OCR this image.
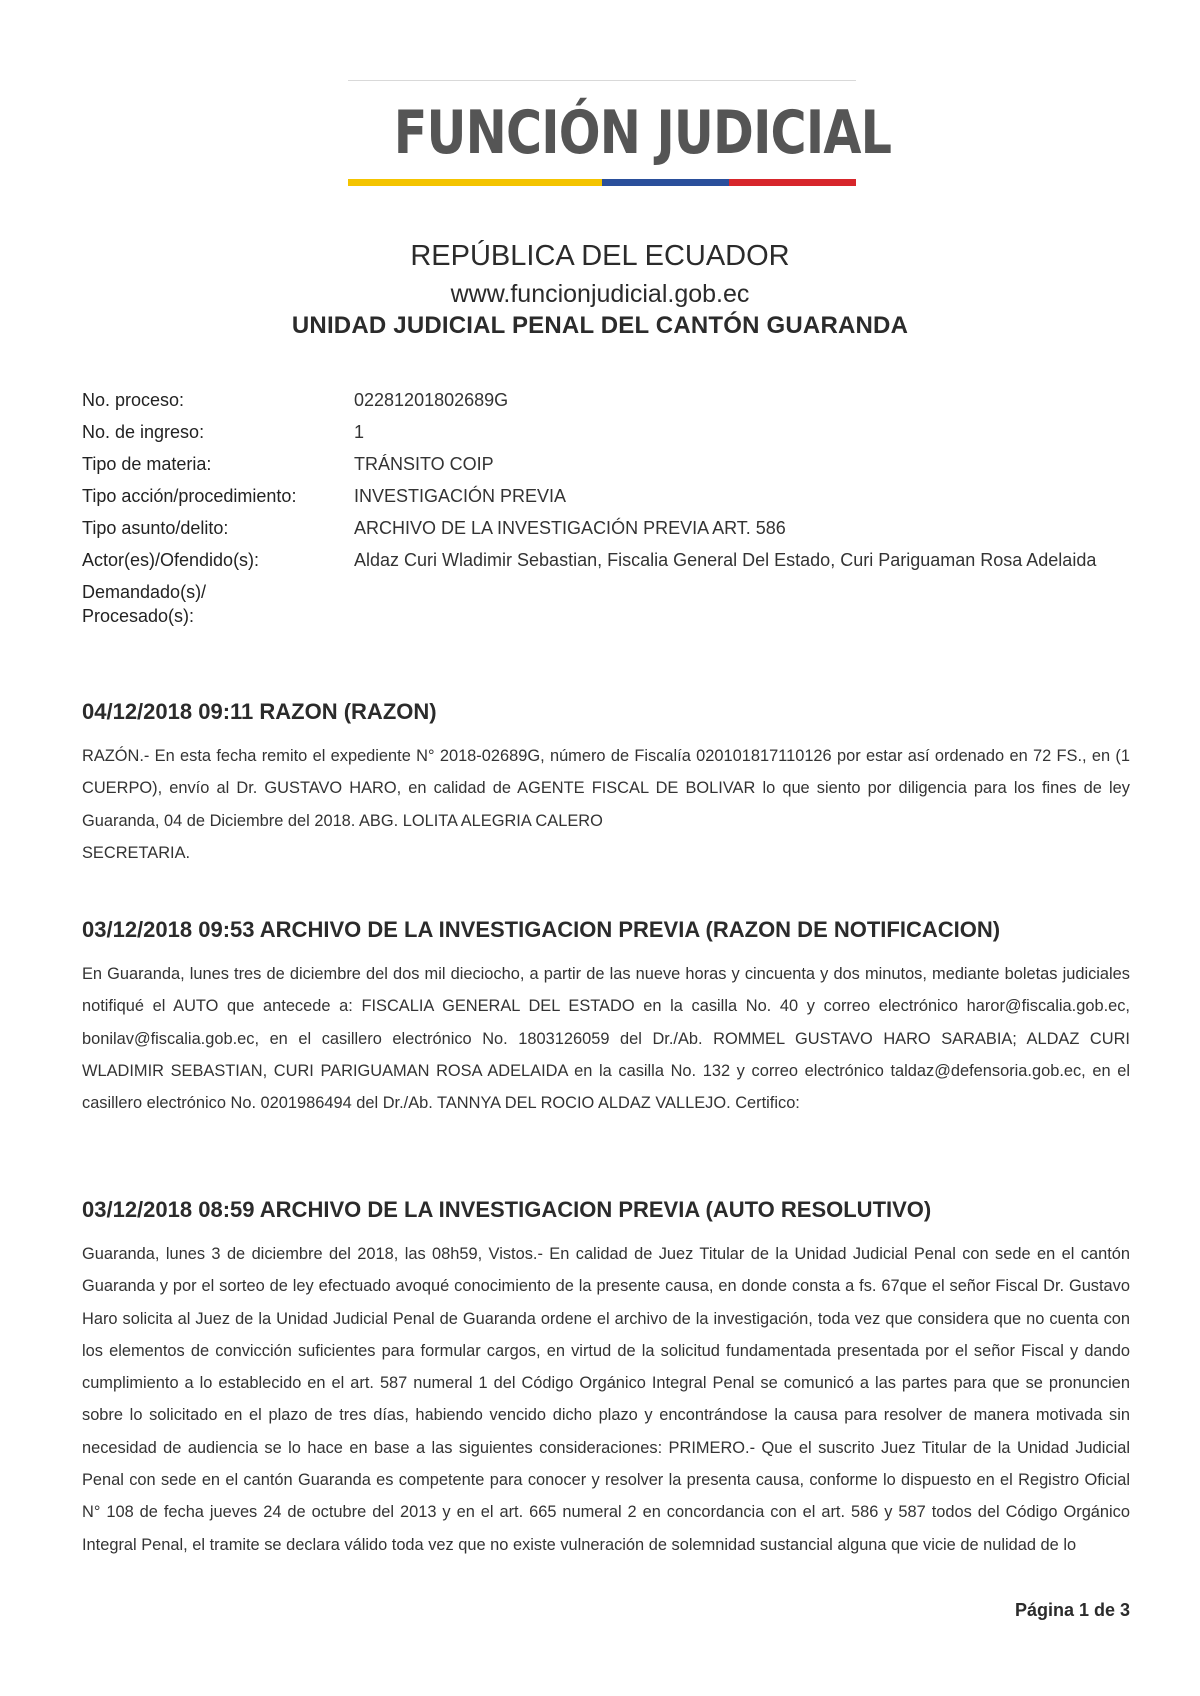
FUNCIÓN JUDICIAL
REPÚBLICA DEL ECUADOR
www.funcionjudicial.gob.ec
UNIDAD JUDICIAL PENAL DEL CANTÓN GUARANDA
No. proceso:	02281201802689G
No. de ingreso:	1
Tipo de materia:	TRÁNSITO COIP
Tipo acción/procedimiento:	INVESTIGACIÓN PREVIA
Tipo asunto/delito:	ARCHIVO DE LA INVESTIGACIÓN PREVIA ART. 586
Actor(es)/Ofendido(s):	Aldaz Curi Wladimir Sebastian, Fiscalia General Del Estado, Curi Pariguaman Rosa Adelaida
Demandado(s)/
Procesado(s):
04/12/2018 09:11 RAZON (RAZON)

RAZÓN.- En esta fecha remito el expediente N° 2018-02689G, número de Fiscalía 020101817110126 por estar así ordenado en 72 FS., en (1 CUERPO), envío al Dr. GUSTAVO HARO, en calidad de AGENTE FISCAL DE BOLIVAR lo que siento por diligencia para los fines de ley Guaranda, 04 de Diciembre del 2018. ABG. LOLITA ALEGRIA CALERO
SECRETARIA.

03/12/2018 09:53 ARCHIVO DE LA INVESTIGACION PREVIA (RAZON DE NOTIFICACION)

En Guaranda, lunes tres de diciembre del dos mil dieciocho, a partir de las nueve horas y cincuenta y dos minutos, mediante boletas judiciales notifiqué el AUTO que antecede a: FISCALIA GENERAL DEL ESTADO en la casilla No. 40 y correo electrónico haror@fiscalia.gob.ec, bonilav@fiscalia.gob.ec, en el casillero electrónico No. 1803126059 del Dr./Ab. ROMMEL GUSTAVO HARO SARABIA; ALDAZ CURI WLADIMIR SEBASTIAN, CURI PARIGUAMAN ROSA ADELAIDA en la casilla No. 132 y correo electrónico taldaz@defensoria.gob.ec, en el casillero electrónico No. 0201986494 del Dr./Ab. TANNYA DEL ROCIO ALDAZ VALLEJO. Certifico:

03/12/2018 08:59 ARCHIVO DE LA INVESTIGACION PREVIA (AUTO RESOLUTIVO)

Guaranda, lunes 3 de diciembre del 2018, las 08h59, Vistos.- En calidad de Juez Titular de la Unidad Judicial Penal con sede en el cantón Guaranda y por el sorteo de ley efectuado avoqué conocimiento de la presente causa, en donde consta a fs. 67que el señor Fiscal Dr. Gustavo Haro solicita al Juez de la Unidad Judicial Penal de Guaranda ordene el archivo de la investigación, toda vez que considera que no cuenta con los elementos de convicción suficientes para formular cargos, en virtud de la solicitud fundamentada presentada por el señor Fiscal y dando cumplimiento a lo establecido en el art. 587 numeral 1 del Código Orgánico Integral Penal se comunicó a las partes para que se pronuncien sobre lo solicitado en el plazo de tres días, habiendo vencido dicho plazo y encontrándose la causa para resolver de manera motivada sin necesidad de audiencia se lo hace en base a las siguientes consideraciones: PRIMERO.- Que el suscrito Juez Titular de la Unidad Judicial Penal con sede en el cantón Guaranda es competente para conocer y resolver la presenta causa, conforme lo dispuesto en el Registro Oficial N° 108 de fecha jueves 24 de octubre del 2013 y en el art. 665 numeral 2 en concordancia con el art. 586 y 587 todos del Código Orgánico Integral Penal, el tramite se declara válido toda vez que no existe vulneración de solemnidad sustancial alguna que vicie de nulidad de lo

Página 1 de 3
